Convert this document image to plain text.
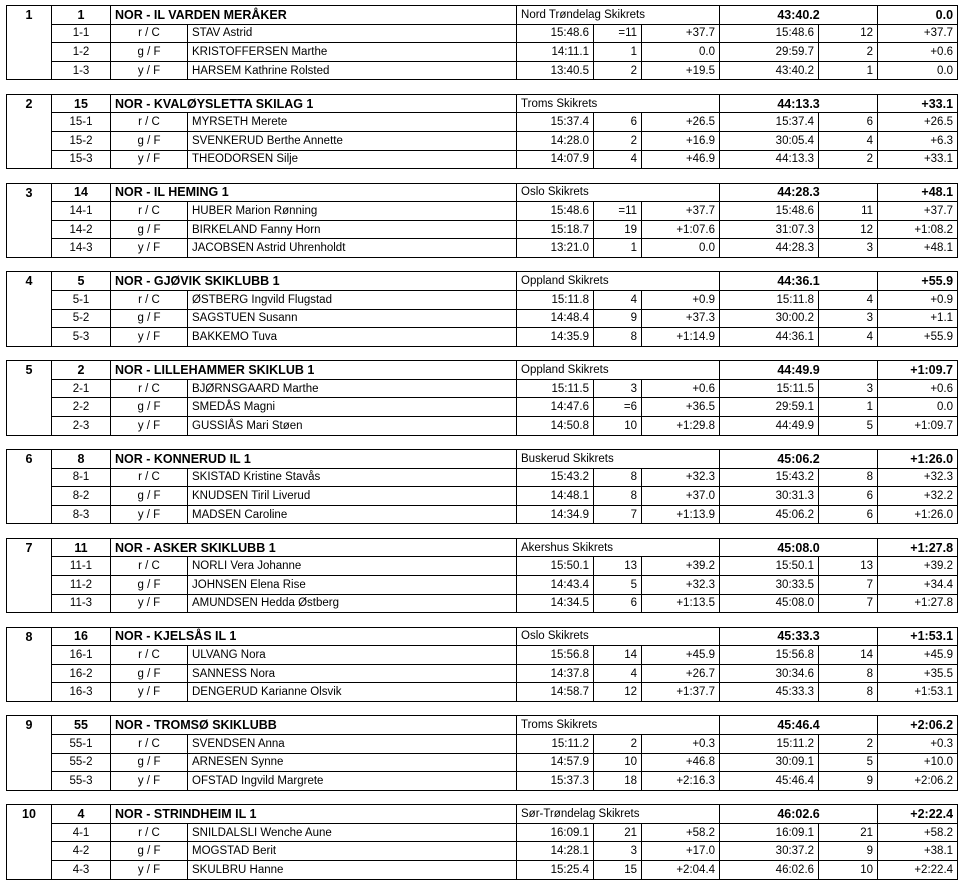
1	1	NOR - IL VARDEN MERÅKER		Nord Trøndelag Skikrets			43:40.2		0.0
	1-1	r / C	STAV Astrid	15:48.6	=11	+37.7	15:48.6	12	+37.7
	1-2	g / F	KRISTOFFERSEN Marthe	14:11.1	1	0.0	29:59.7	2	+0.6
	1-3	y / F	HARSEM Kathrine Rolsted	13:40.5	2	+19.5	43:40.2	1	0.0
2	15	NOR - KVALØYSLETTA SKILAG 1		Troms Skikrets			44:13.3		+33.1
	15-1	r / C	MYRSETH Merete	15:37.4	6	+26.5	15:37.4	6	+26.5
	15-2	g / F	SVENKERUD Berthe Annette	14:28.0	2	+16.9	30:05.4	4	+6.3
	15-3	y / F	THEODORSEN Silje	14:07.9	4	+46.9	44:13.3	2	+33.1
3	14	NOR - IL HEMING 1		Oslo Skikrets			44:28.3		+48.1
	14-1	r / C	HUBER Marion Rønning	15:48.6	=11	+37.7	15:48.6	11	+37.7
	14-2	g / F	BIRKELAND Fanny Horn	15:18.7	19	+1:07.6	31:07.3	12	+1:08.2
	14-3	y / F	JACOBSEN Astrid Uhrenholdt	13:21.0	1	0.0	44:28.3	3	+48.1
4	5	NOR - GJØVIK SKIKLUBB 1		Oppland Skikrets			44:36.1		+55.9
	5-1	r / C	ØSTBERG Ingvild Flugstad	15:11.8	4	+0.9	15:11.8	4	+0.9
	5-2	g / F	SAGSTUEN Susann	14:48.4	9	+37.3	30:00.2	3	+1.1
	5-3	y / F	BAKKEMO Tuva	14:35.9	8	+1:14.9	44:36.1	4	+55.9
5	2	NOR - LILLEHAMMER SKIKLUB 1		Oppland Skikrets			44:49.9		+1:09.7
	2-1	r / C	BJØRNSGAARD Marthe	15:11.5	3	+0.6	15:11.5	3	+0.6
	2-2	g / F	SMEDÅS Magni	14:47.6	=6	+36.5	29:59.1	1	0.0
	2-3	y / F	GUSSIÅS Mari Støen	14:50.8	10	+1:29.8	44:49.9	5	+1:09.7
6	8	NOR - KONNERUD IL 1		Buskerud Skikrets			45:06.2		+1:26.0
	8-1	r / C	SKISTAD Kristine Stavås	15:43.2	8	+32.3	15:43.2	8	+32.3
	8-2	g / F	KNUDSEN Tiril Liverud	14:48.1	8	+37.0	30:31.3	6	+32.2
	8-3	y / F	MADSEN Caroline	14:34.9	7	+1:13.9	45:06.2	6	+1:26.0
7	11	NOR - ASKER SKIKLUBB 1		Akershus Skikrets			45:08.0		+1:27.8
	11-1	r / C	NORLI Vera Johanne	15:50.1	13	+39.2	15:50.1	13	+39.2
	11-2	g / F	JOHNSEN Elena Rise	14:43.4	5	+32.3	30:33.5	7	+34.4
	11-3	y / F	AMUNDSEN Hedda Østberg	14:34.5	6	+1:13.5	45:08.0	7	+1:27.8
8	16	NOR - KJELSÅS IL 1		Oslo Skikrets			45:33.3		+1:53.1
	16-1	r / C	ULVANG Nora	15:56.8	14	+45.9	15:56.8	14	+45.9
	16-2	g / F	SANNESS Nora	14:37.8	4	+26.7	30:34.6	8	+35.5
	16-3	y / F	DENGERUD Karianne Olsvik	14:58.7	12	+1:37.7	45:33.3	8	+1:53.1
9	55	NOR - TROMSØ SKIKLUBB		Troms Skikrets			45:46.4		+2:06.2
	55-1	r / C	SVENDSEN Anna	15:11.2	2	+0.3	15:11.2	2	+0.3
	55-2	g / F	ARNESEN Synne	14:57.9	10	+46.8	30:09.1	5	+10.0
	55-3	y / F	OFSTAD Ingvild Margrete	15:37.3	18	+2:16.3	45:46.4	9	+2:06.2
10	4	NOR - STRINDHEIM IL 1		Sør-Trøndelag Skikrets			46:02.6		+2:22.4
	4-1	r / C	SNILDALSLI Wenche Aune	16:09.1	21	+58.2	16:09.1	21	+58.2
	4-2	g / F	MOGSTAD Berit	14:28.1	3	+17.0	30:37.2	9	+38.1
	4-3	y / F	SKULBRU Hanne	15:25.4	15	+2:04.4	46:02.6	10	+2:22.4
